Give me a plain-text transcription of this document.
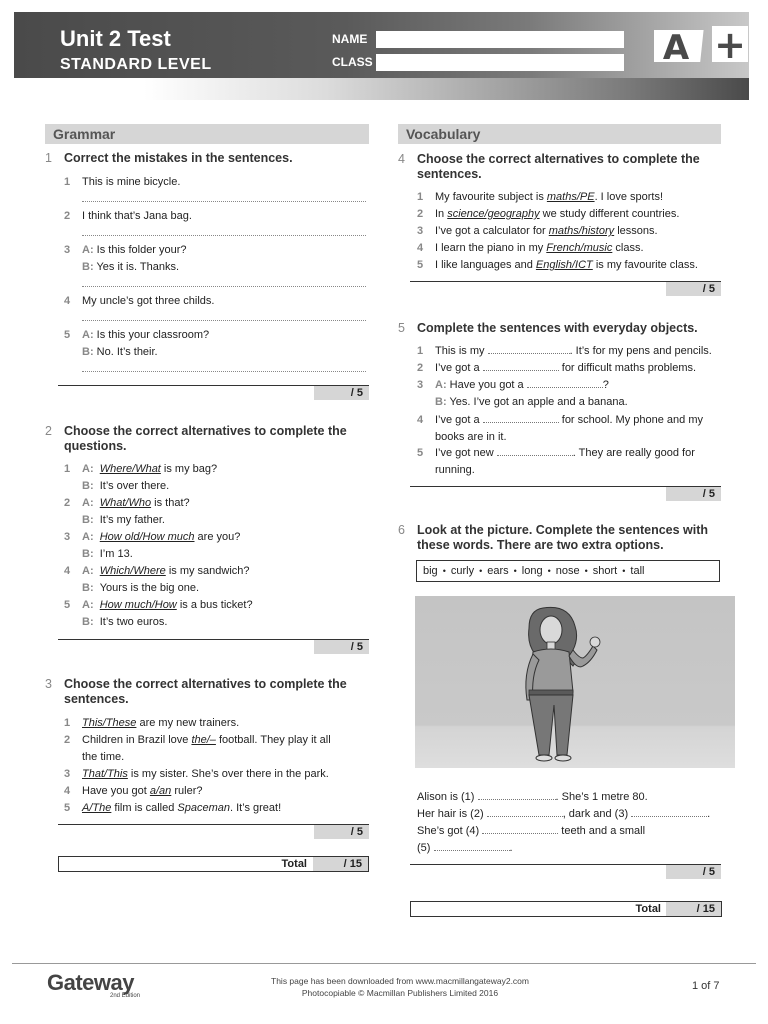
Unit 2 Test
STANDARD LEVEL
NAME
CLASS	A +
Grammar
1 Correct the mistakes in the sentences.
1 This is mine bicycle.
2 I think that’s Jana bag.
3 A: Is this folder your?
B: Yes it is. Thanks.
4 My uncle’s got three childs.
5 A: Is this your classroom?
B: No. It’s their.
/ 5
2 Choose the correct alternatives to complete the
questions.
1 A: Where/What is my bag?
B: It’s over there.
2 A: What/Who is that?
B: It’s my father.
3 A: How old/How much are you?
B: I’m 13.
4 A: Which/Where is my sandwich?
B: Yours is the big one.
5 A: How much/How is a bus ticket?
B: It’s two euros.
/ 5
3 Choose the correct alternatives to complete the
sentences.
1 This/These are my new trainers.
2 Children in Brazil love the/– football. They play it all
the time.
3 That/This is my sister. She’s over there in the park.
4 Have you got a/an ruler?
5 A/The film is called Spaceman. It’s great!
/ 5
Total	/ 15
Vocabulary
4 Choose the correct alternatives to complete the
sentences.
1 My favourite subject is maths/PE. I love sports!
2 In science/geography we study different countries.
3 I’ve got a calculator for maths/history lessons.
4 I learn the piano in my French/music class.
5 I like languages and English/ICT is my favourite class.
/ 5
5 Complete the sentences with everyday objects.
1 This is my	. It’s for my pens and pencils.
2 I’ve got a	for difficult maths problems.
3 A: Have you got a	?
B: Yes. I’ve got an apple and a banana.
4 I’ve got a	for school. My phone and my
books are in it.
5 I’ve got new	. They are really good for
running.
/ 5
6 Look at the picture. Complete the sentences with
these words. There are two extra options.
big • curly • ears • long • nose • short • tall
Alison is (1)	. She’s 1 metre 80.
Her hair is (2)	, dark and (3)	.
She’s got (4)	teeth and a small
(5)	.
/ 5
Total	/ 15
Gateway
2nd Edition
This page has been downloaded from www.macmillangateway2.com
Photocopiable © Macmillan Publishers Limited 2016
1 of 7
